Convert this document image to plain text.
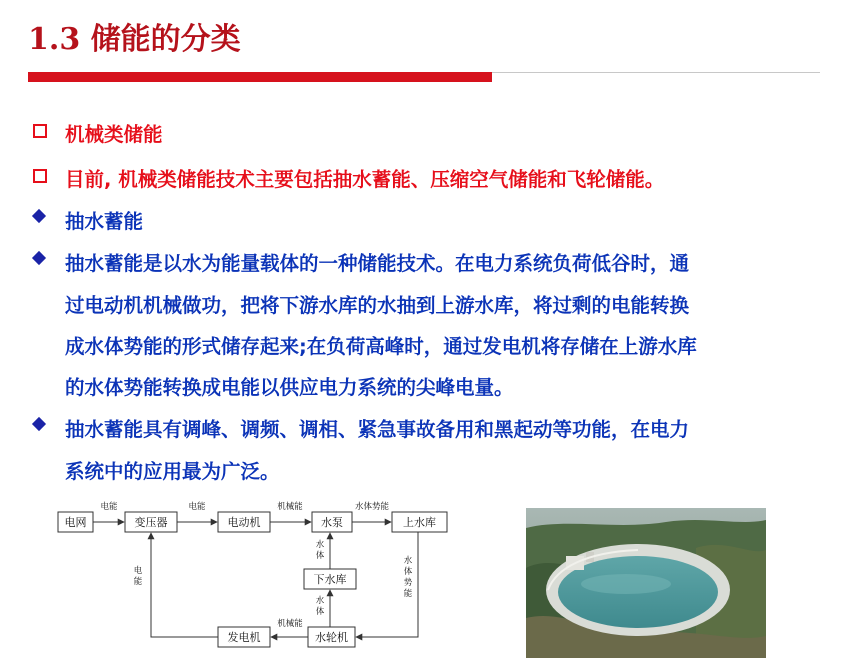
1.3 储能的分类
机械类储能
目前, 机械类储能技术主要包括抽水蓄能、压缩空气储能和飞轮储能。
抽水蓄能
抽水蓄能是以水为能量载体的一种储能技术。在电力系统负荷低谷时，通
过电动机机械做功，把将下游水库的水抽到上游水库，将过剩的电能转换
成水体势能的形式储存起来;在负荷高峰时，通过发电机将存储在上游水库
的水体势能转换成电能以供应电力系统的尖峰电量。
抽水蓄能具有调峰、调频、调相、紧急事故备用和黑起动等功能，在电力
系统中的应用最为广泛。
电网	变压器	电动机	水泵	上水库
下水库
发电机	水轮机
电能	电能	机械能	水体势能
机械能
水体
水体
水体势能
电能
